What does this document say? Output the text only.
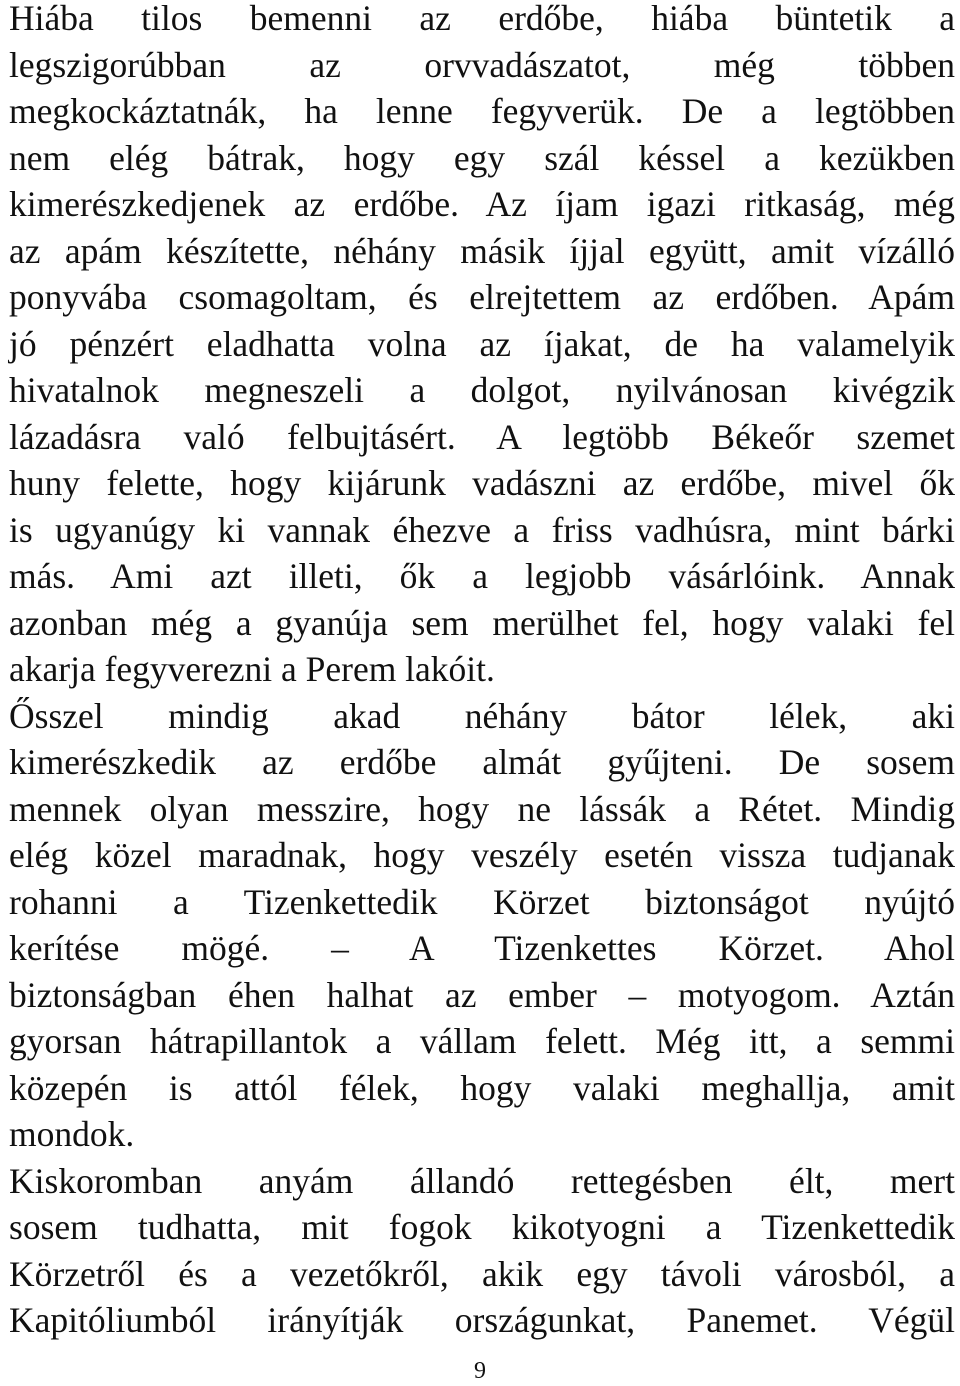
Hiába tilos bemenni az erdőbe, hiába büntetik a
legszigorúbban az orvvadászatot, még többen
megkockáztatnák, ha lenne fegyverük. De a legtöbben
nem elég bátrak, hogy egy szál késsel a kezükben
kimerészkedjenek az erdőbe. Az íjam igazi ritkaság, még
az apám készítette, néhány másik íjjal együtt, amit vízálló
ponyvába csomagoltam, és elrejtettem az erdőben. Apám
jó pénzért eladhatta volna az íjakat, de ha valamelyik
hivatalnok megneszeli a dolgot, nyilvánosan kivégzik
lázadásra való felbujtásért. A legtöbb Békeőr szemet
huny felette, hogy kijárunk vadászni az erdőbe, mivel ők
is ugyanúgy ki vannak éhezve a friss vadhúsra, mint bárki
más. Ami azt illeti, ők a legjobb vásárlóink. Annak
azonban még a gyanúja sem merülhet fel, hogy valaki fel
akarja fegyverezni a Perem lakóit.

Ősszel mindig akad néhány bátor lélek, aki
kimerészkedik az erdőbe almát gyűjteni. De sosem
mennek olyan messzire, hogy ne lássák a Rétet. Mindig
elég közel maradnak, hogy veszély esetén vissza tudjanak
rohanni a Tizenkettedik Körzet biztonságot nyújtó
kerítése mögé. – A Tizenkettes Körzet. Ahol
biztonságban éhen halhat az ember – motyogom. Aztán
gyorsan hátrapillantok a vállam felett. Még itt, a semmi
közepén is attól félek, hogy valaki meghallja, amit
mondok.

Kiskoromban anyám állandó rettegésben élt, mert
sosem tudhatta, mit fogok kikotyogni a Tizenkettedik
Körzetről és a vezetőkről, akik egy távoli városból, a
Kapitóliumból irányítják országunkat, Panemet. Végül

9
